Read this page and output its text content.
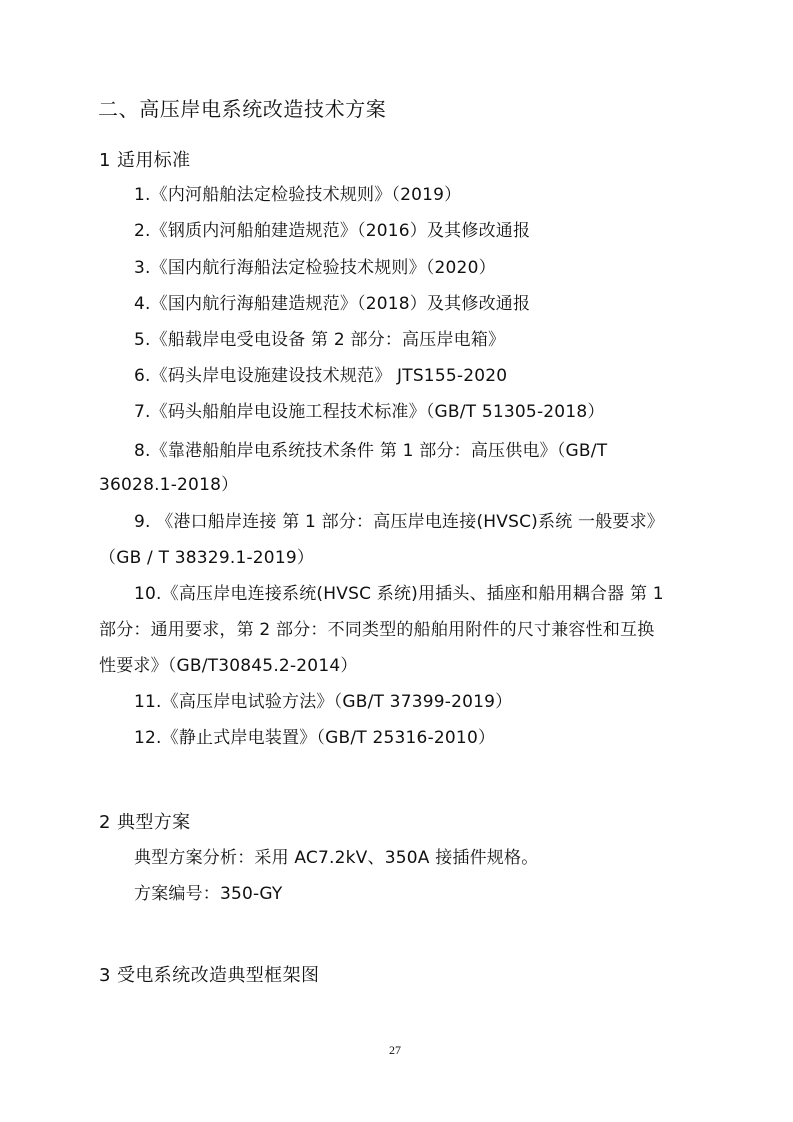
二、高压岸电系统改造技术方案
1 适用标准
1.《内河船舶法定检验技术规则》（2019）
2.《钢质内河船舶建造规范》（2016）及其修改通报
3.《国内航行海船法定检验技术规则》（2020）
4.《国内航行海船建造规范》（2018）及其修改通报
5.《船载岸电受电设备 第 2 部分：高压岸电箱》
6.《码头岸电设施建设技术规范》 JTS155-2020
7.《码头船舶岸电设施工程技术标准》（GB/T 51305-2018）
8.《靠港船舶岸电系统技术条件 第 1 部分：高压供电》（GB/T
36028.1-2018）
9. 《港口船岸连接 第 1 部分：高压岸电连接(HVSC)系统 一般要求》
（GB / T 38329.1-2019）
10.《高压岸电连接系统(HVSC 系统)用插头、插座和船用耦合器 第 1
部分：通用要求，第 2 部分：不同类型的船舶用附件的尺寸兼容性和互换
性要求》（GB/T30845.2-2014）
11.《高压岸电试验方法》（GB/T 37399-2019）
12.《静止式岸电装置》（GB/T 25316-2010）
2 典型方案
典型方案分析：采用 AC7.2kV、350A 接插件规格。
方案编号：350-GY
3 受电系统改造典型框架图
27
